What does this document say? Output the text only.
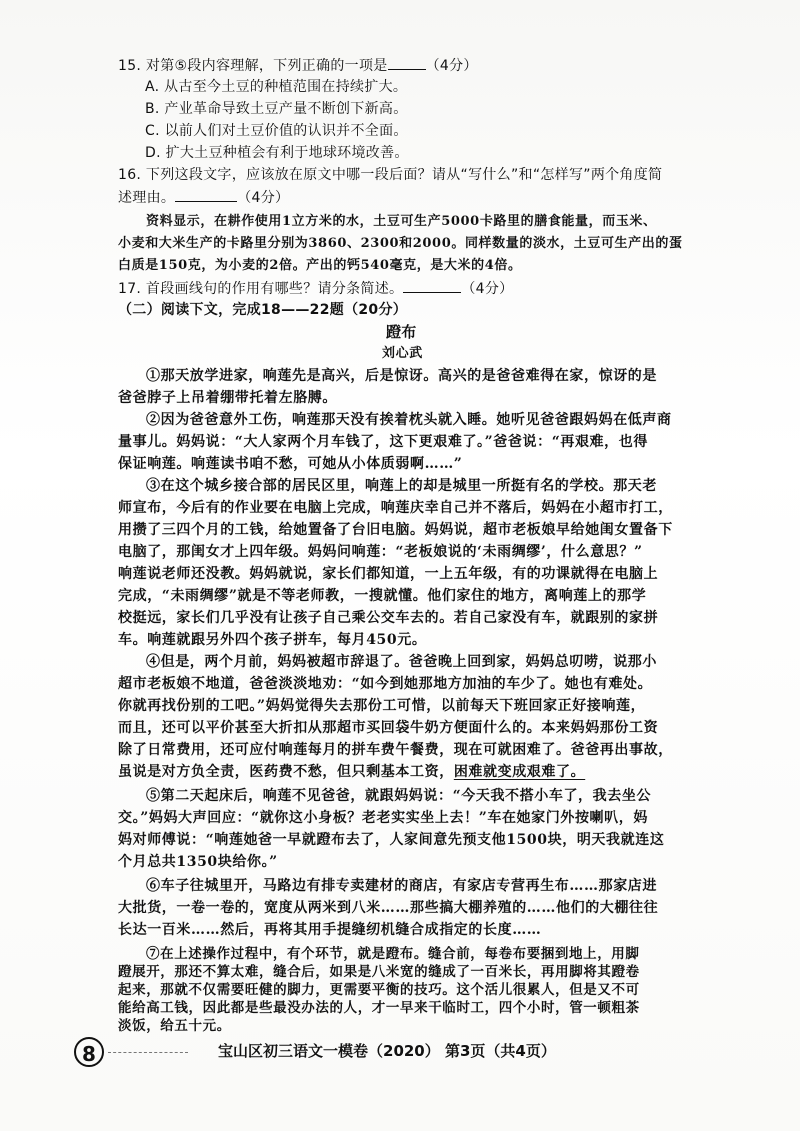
15. 对第⑤段内容理解，下列正确的一项是	（4分）
A. 从古至今土豆的种植范围在持续扩大。
B. 产业革命导致土豆产量不断创下新高。
C. 以前人们对土豆价值的认识并不全面。
D. 扩大土豆种植会有利于地球环境改善。
16. 下列这段文字，应该放在原文中哪一段后面？请从“写什么”和“怎样写”两个角度简
述理由。	（4分）
资料显示，在耕作使用1立方米的水，土豆可生产5000卡路里的膳食能量，而玉米、
小麦和大米生产的卡路里分别为3860、2300和2000。同样数量的淡水，土豆可生产出的蛋
白质是150克，为小麦的2倍。产出的钙540毫克，是大米的4倍。
17. 首段画线句的作用有哪些？请分条简述。	（4分）
（二）阅读下文，完成18——22题（20分）
蹬布
刘心武
①那天放学进家，响莲先是高兴，后是惊讶。高兴的是爸爸难得在家，惊讶的是
爸爸脖子上吊着绷带托着左胳膊。
②因为爸爸意外工伤，响莲那天没有挨着枕头就入睡。她听见爸爸跟妈妈在低声商
量事儿。妈妈说：“大人家两个月车钱了，这下更艰难了。”爸爸说：“再艰难，也得
保证响莲。响莲读书咱不愁，可她从小体质弱啊……”
③在这个城乡接合部的居民区里，响莲上的却是城里一所挺有名的学校。那天老
师宣布，今后有的作业要在电脑上完成，响莲庆幸自己并不落后，妈妈在小超市打工，
用攒了三四个月的工钱，给她置备了台旧电脑。妈妈说，超市老板娘早给她闺女置备下
电脑了，那闺女才上四年级。妈妈问响莲：“老板娘说的‘未雨绸缪’，什么意思？”
响莲说老师还没教。妈妈就说，家长们都知道，一上五年级，有的功课就得在电脑上
完成，“未雨绸缪”就是不等老师教，一搜就懂。他们家住的地方，离响莲上的那学
校挺远，家长们几乎没有让孩子自己乘公交车去的。若自己家没有车，就跟别的家拼
车。响莲就跟另外四个孩子拼车，每月450元。
④但是，两个月前，妈妈被超市辞退了。爸爸晚上回到家，妈妈总叨唠，说那小
超市老板娘不地道，爸爸淡淡地劝：“如今到她那地方加油的车少了。她也有难处。
你就再找份别的工吧。”妈妈觉得失去那份工可惜，以前每天下班回家正好接响莲，
而且，还可以平价甚至大折扣从那超市买回袋牛奶方便面什么的。本来妈妈那份工资
除了日常费用，还可应付响莲每月的拼车费午餐费，现在可就困难了。爸爸再出事故，
虽说是对方负全责，医药费不愁，但只剩基本工资，困难就变成艰难了。
⑤第二天起床后，响莲不见爸爸，就跟妈妈说：“今天我不搭小车了，我去坐公
交。”妈妈大声回应：“就你这小身板？老老实实坐上去！”车在她家门外按喇叭，妈
妈对师傅说：“响莲她爸一早就蹬布去了，人家间意先预支他1500块，明天我就连这
个月总共1350块给你。”
⑥车子往城里开，马路边有排专卖建材的商店，有家店专营再生布……那家店进
大批货，一卷一卷的，宽度从两米到八米……那些搞大棚养殖的……他们的大棚往往
长达一百米……然后，再将其用手提缝纫机缝合成指定的长度……
⑦在上述操作过程中，有个环节，就是蹬布。缝合前，每卷布要捆到地上，用脚
8	宝山区初三语文一模卷（2020） 第3页（共4页）
蹬展开，那还不算太难，缝合后，如果是八米宽的缝成了一百米长，再用脚将其蹬卷
起来，那就不仅需要旺健的脚力，更需要平衡的技巧。这个活儿很累人，但是又不可
能给高工钱，因此都是些最没办法的人，才一早来干临时工，四个小时，管一顿粗茶
淡饭，给五十元。
